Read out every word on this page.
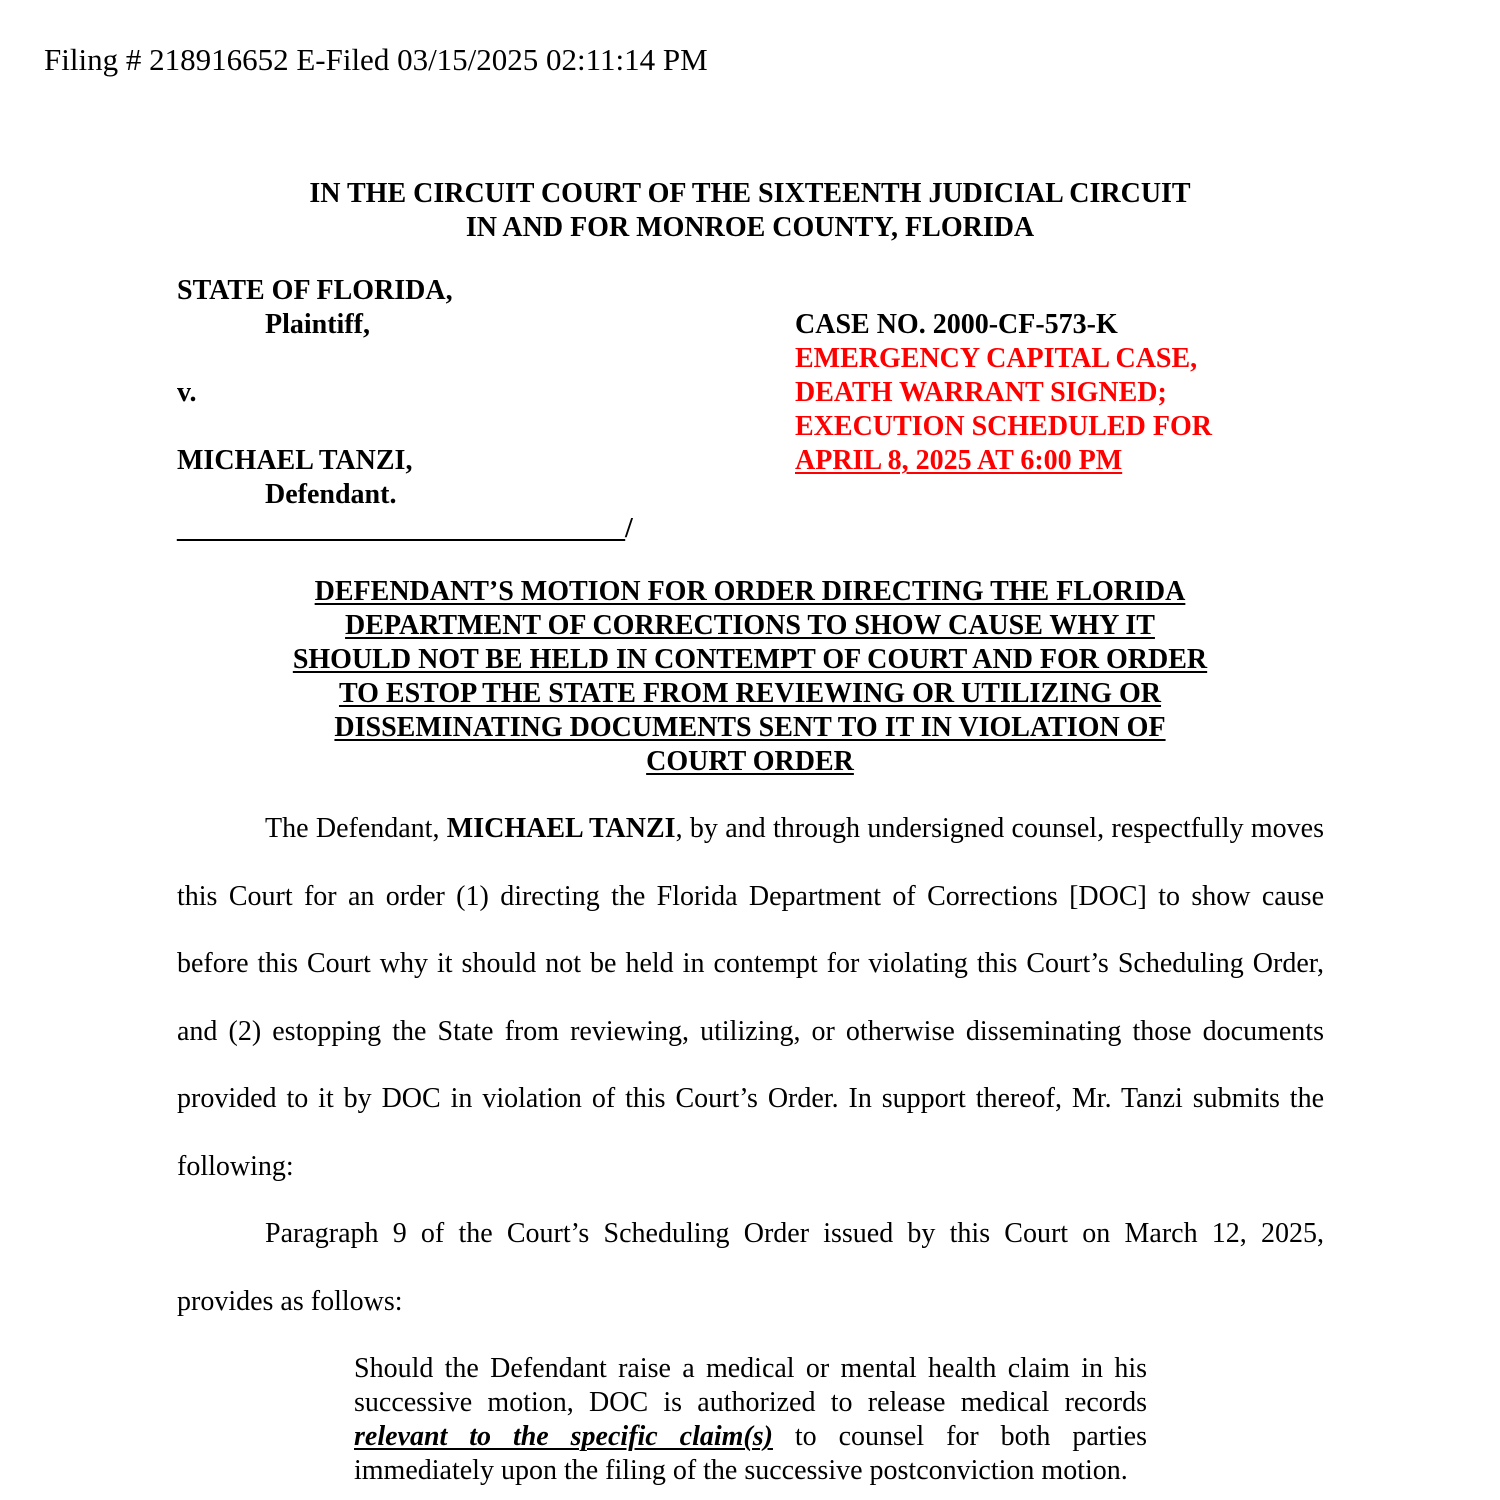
Filing # 218916652 E-Filed 03/15/2025 02:11:14 PM
IN THE CIRCUIT COURT OF THE SIXTEENTH JUDICIAL CIRCUIT
IN AND FOR MONROE COUNTY, FLORIDA
STATE OF FLORIDA,
Plaintiff,
v.
MICHAEL TANZI,
Defendant.
________________________________/
CASE NO. 2000-CF-573-K
EMERGENCY CAPITAL CASE,
DEATH WARRANT SIGNED;
EXECUTION SCHEDULED FOR
APRIL 8, 2025 AT 6:00 PM
DEFENDANT’S MOTION FOR ORDER DIRECTING THE FLORIDA
DEPARTMENT OF CORRECTIONS TO SHOW CAUSE WHY IT
SHOULD NOT BE HELD IN CONTEMPT OF COURT AND FOR ORDER
TO ESTOP THE STATE FROM REVIEWING OR UTILIZING OR
DISSEMINATING DOCUMENTS SENT TO IT IN VIOLATION OF
COURT ORDER
The Defendant, MICHAEL TANZI, by and through undersigned counsel, respectfully moves this Court for an order (1) directing the Florida Department of Corrections [DOC] to show cause before this Court why it should not be held in contempt for violating this Court’s Scheduling Order, and (2) estopping the State from reviewing, utilizing, or otherwise disseminating those documents provided to it by DOC in violation of this Court’s Order. In support thereof, Mr. Tanzi submits the following:
Paragraph 9 of the Court’s Scheduling Order issued by this Court on March 12, 2025, provides as follows:
Should the Defendant raise a medical or mental health claim in his successive motion, DOC is authorized to release medical records relevant to the specific claim(s) to counsel for both parties immediately upon the filing of the successive postconviction motion.
